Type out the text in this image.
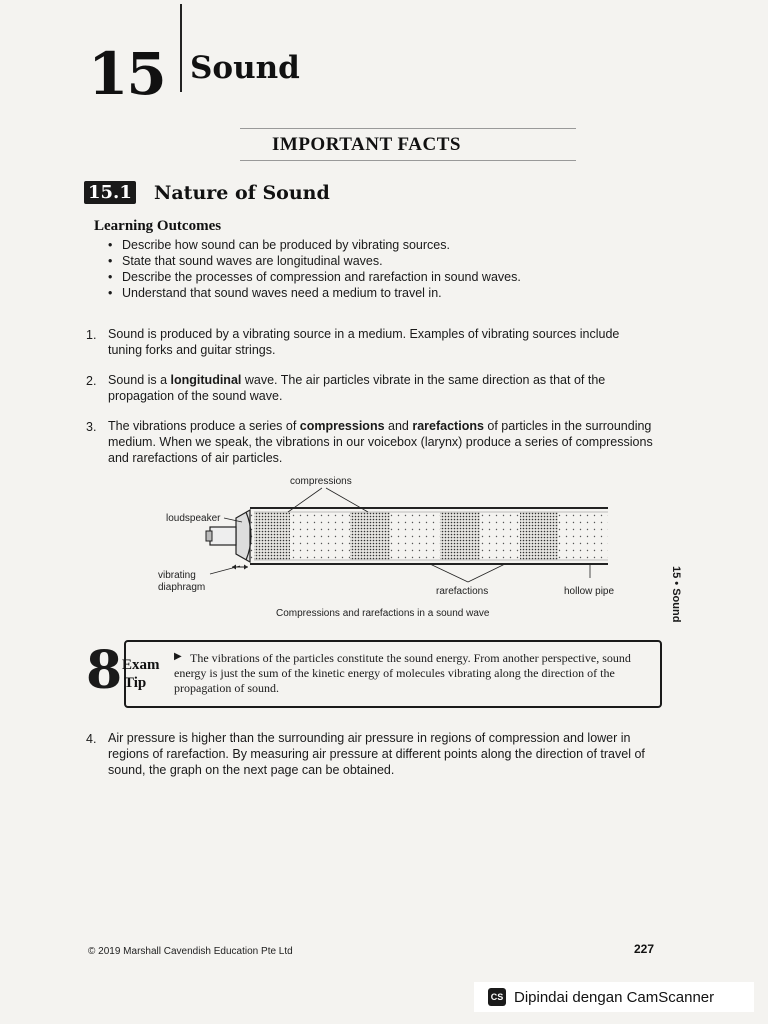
15 Sound
IMPORTANT FACTS
15.1 Nature of Sound
Learning Outcomes
• Describe how sound can be produced by vibrating sources.
• State that sound waves are longitudinal waves.
• Describe the processes of compression and rarefaction in sound waves.
• Understand that sound waves need a medium to travel in.
1. Sound is produced by a vibrating source in a medium. Examples of vibrating sources include tuning forks and guitar strings.
2. Sound is a longitudinal wave. The air particles vibrate in the same direction as that of the propagation of the sound wave.
3. The vibrations produce a series of compressions and rarefactions of particles in the surrounding medium. When we speak, the vibrations in our voicebox (larynx) produce a series of compressions and rarefactions of air particles.
compressions
loudspeaker
vibrating
diaphragm	rarefactions	hollow pipe
Compressions and rarefactions in a sound wave
8 Exam
Tip
▶ The vibrations of the particles constitute the sound energy. From another perspective, sound energy is just the sum of the kinetic energy of molecules vibrating along the direction of the propagation of sound.
4. Air pressure is higher than the surrounding air pressure in regions of compression and lower in regions of rarefaction. By measuring air pressure at different points along the direction of travel of sound, the graph on the next page can be obtained.
15 • Sound
© 2019 Marshall Cavendish Education Pte Ltd	227
CS Dipindai dengan CamScanner
